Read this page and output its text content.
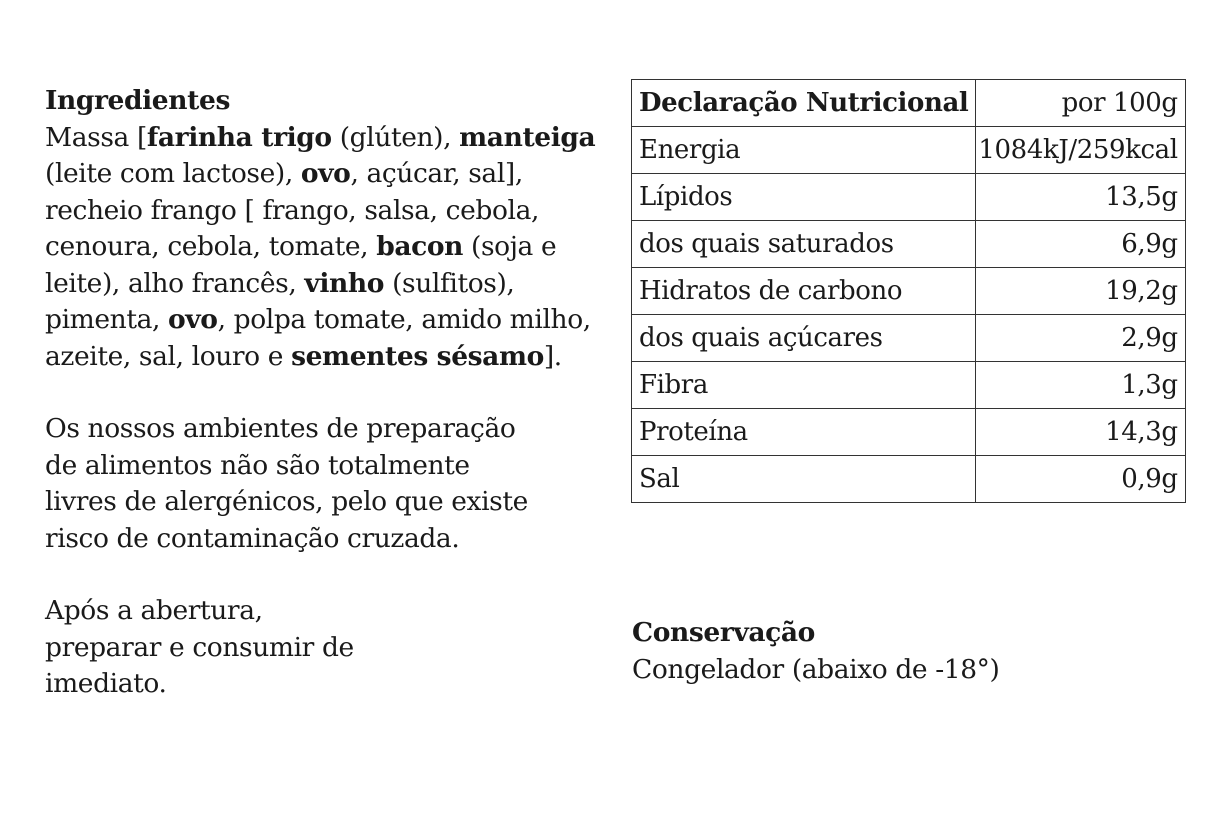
Ingredientes

Massa [farinha trigo (glúten), manteiga (leite com lactose), ovo, açúcar, sal], recheio frango [ frango, salsa, cebola, cenoura, cebola, tomate, bacon (soja e leite), alho francês, vinho (sulfitos), pimenta, ovo, polpa tomate, amido milho, azeite, sal, louro e sementes sésamo].

Os nossos ambientes de preparação de alimentos não são totalmente livres de alergénicos, pelo que existe risco de contaminação cruzada.

Após a abertura, preparar e consumir de imediato.

Declaração Nutricional	por 100g
Energia	1084kJ/259kcal
Lípidos	13,5g
dos quais saturados	6,9g
Hidratos de carbono	19,2g
dos quais açúcares	2,9g
Fibra	1,3g
Proteína	14,3g
Sal	0,9g
Conservação
Congelador (abaixo de -18°)
